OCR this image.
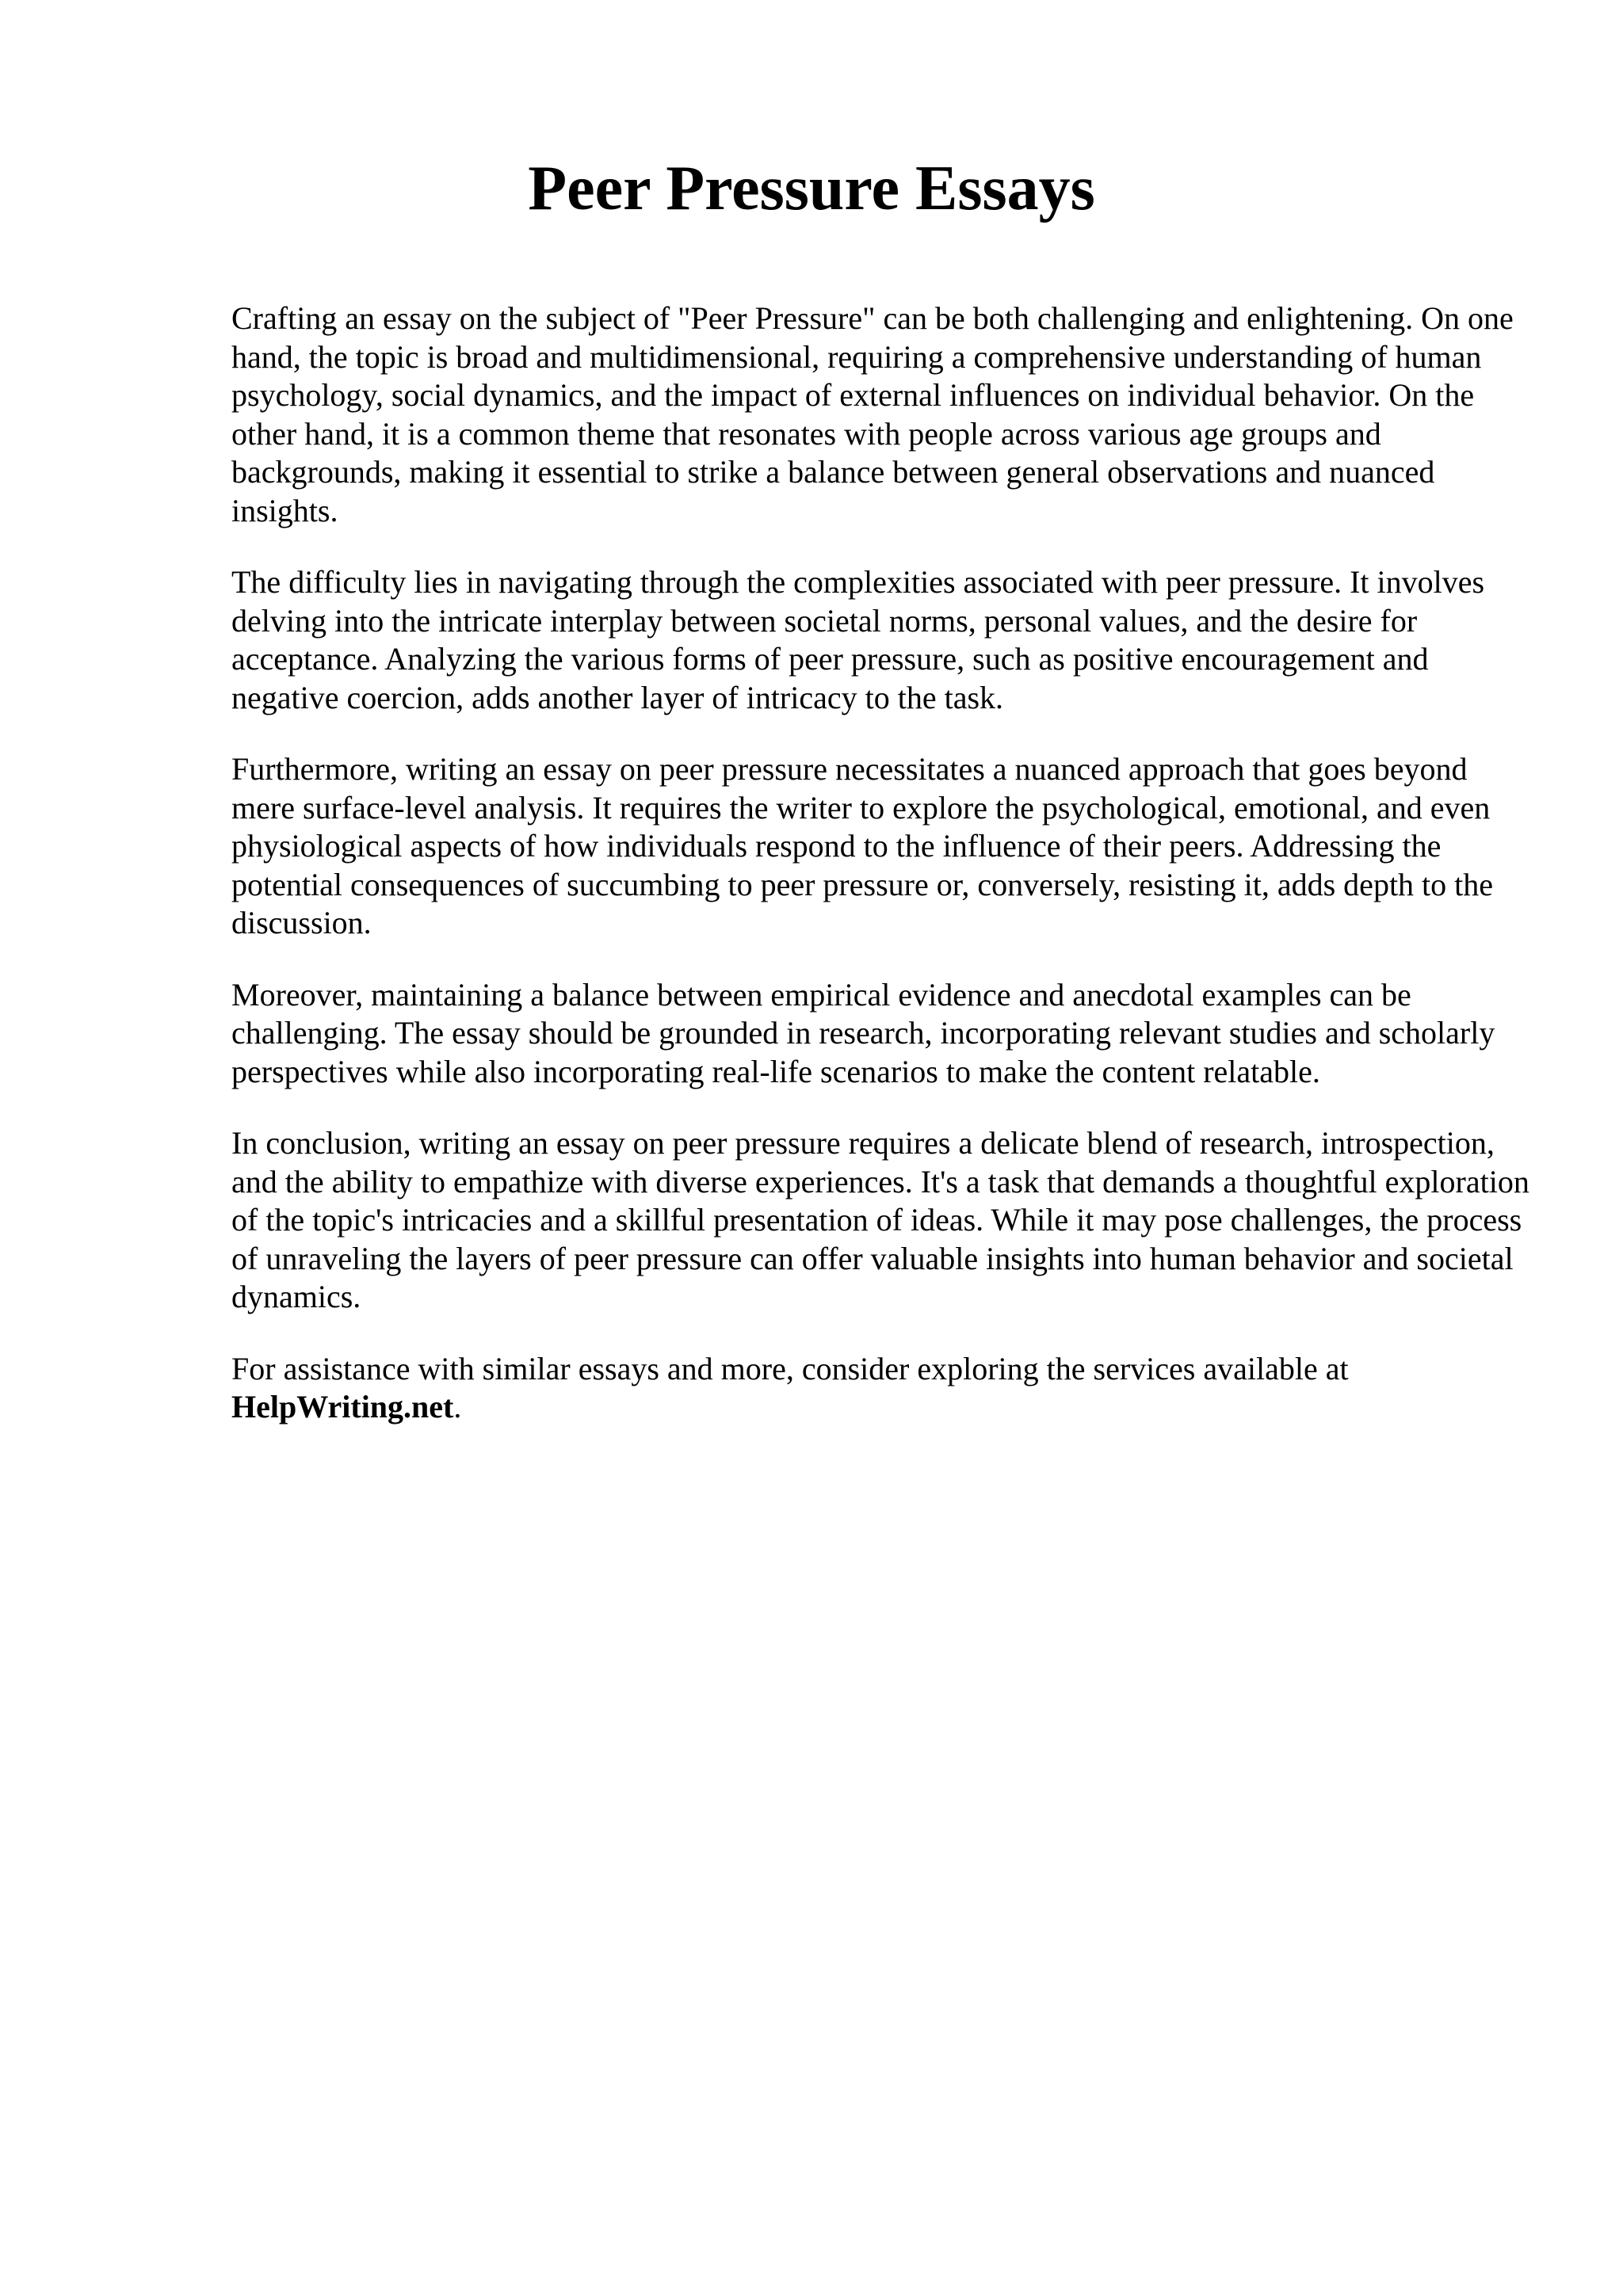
Peer Pressure Essays

Crafting an essay on the subject of "Peer Pressure" can be both challenging and enlightening. On one hand, the topic is broad and multidimensional, requiring a comprehensive understanding of human psychology, social dynamics, and the impact of external influences on individual behavior. On the other hand, it is a common theme that resonates with people across various age groups and backgrounds, making it essential to strike a balance between general observations and nuanced insights.

The difficulty lies in navigating through the complexities associated with peer pressure. It involves delving into the intricate interplay between societal norms, personal values, and the desire for acceptance. Analyzing the various forms of peer pressure, such as positive encouragement and negative coercion, adds another layer of intricacy to the task.

Furthermore, writing an essay on peer pressure necessitates a nuanced approach that goes beyond mere surface-level analysis. It requires the writer to explore the psychological, emotional, and even physiological aspects of how individuals respond to the influence of their peers. Addressing the potential consequences of succumbing to peer pressure or, conversely, resisting it, adds depth to the discussion.

Moreover, maintaining a balance between empirical evidence and anecdotal examples can be challenging. The essay should be grounded in research, incorporating relevant studies and scholarly perspectives while also incorporating real-life scenarios to make the content relatable.

In conclusion, writing an essay on peer pressure requires a delicate blend of research, introspection, and the ability to empathize with diverse experiences. It's a task that demands a thoughtful exploration of the topic's intricacies and a skillful presentation of ideas. While it may pose challenges, the process of unraveling the layers of peer pressure can offer valuable insights into human behavior and societal dynamics.

For assistance with similar essays and more, consider exploring the services available at HelpWriting.net.
